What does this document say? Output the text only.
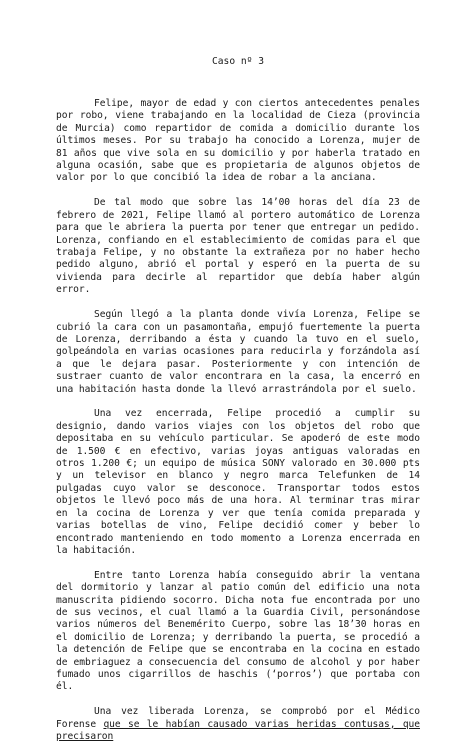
Caso nº 3

Felipe, mayor de edad y con ciertos antecedentes penales por robo, viene trabajando en la localidad de Cieza (provincia de Murcia) como repartidor de comida a domicilio durante los últimos meses. Por su trabajo ha conocido a Lorenza, mujer de 81 años que vive sola en su domicilio y por haberla tratado en alguna ocasión, sabe que es propietaria de algunos objetos de valor por lo que concibió la idea de robar a la anciana.

De tal modo que sobre las 14’00 horas del día 23 de febrero de 2021, Felipe llamó al portero automático de Lorenza para que le abriera la puerta por tener que entregar un pedido. Lorenza, confiando en el establecimiento de comidas para el que trabaja Felipe, y no obstante la extrañeza por no haber hecho pedido alguno, abrió el portal y esperó en la puerta de su vivienda para decirle al repartidor que debía haber algún error.

Según llegó a la planta donde vivía Lorenza, Felipe se cubrió la cara con un pasamontaña, empujó fuertemente la puerta de Lorenza, derribando a ésta y cuando la tuvo en el suelo, golpeándola en varias ocasiones para reducirla y forzándola así a que le dejara pasar. Posteriormente y con intención de sustraer cuanto de valor encontrara en la casa, la encerró en una habitación hasta donde la llevó arrastrándola por el suelo.

Una vez encerrada, Felipe procedió a cumplir su designio, dando varios viajes con los objetos del robo que depositaba en su vehículo particular. Se apoderó de este modo de 1.500 € en efectivo, varias joyas antiguas valoradas en otros 1.200 €; un equipo de música SONY valorado en 30.000 pts y un televisor en blanco y negro marca Telefunken de 14 pulgadas cuyo valor se desconoce. Transportar todos estos objetos le llevó poco más de una hora. Al terminar tras mirar en la cocina de Lorenza y ver que tenía comida preparada y varias botellas de vino, Felipe decidió comer y beber lo encontrado manteniendo en todo momento a Lorenza encerrada en la habitación.

Entre tanto Lorenza había conseguido abrir la ventana del dormitorio y lanzar al patio común del edificio una nota manuscrita pidiendo socorro. Dicha nota fue encontrada por uno de sus vecinos, el cual llamó a la Guardia Civil, personándose varios números del Benemérito Cuerpo, sobre las 18’30 horas en el domicilio de Lorenza; y derribando la puerta, se procedió a la detención de Felipe que se encontraba en la cocina en estado de embriaguez a consecuencia del consumo de alcohol y por haber fumado unos cigarrillos de haschis (‘porros’) que portaba con él.

Una vez liberada Lorenza, se comprobó por el Médico Forense que se le habían causado varias heridas contusas, que precisaron
